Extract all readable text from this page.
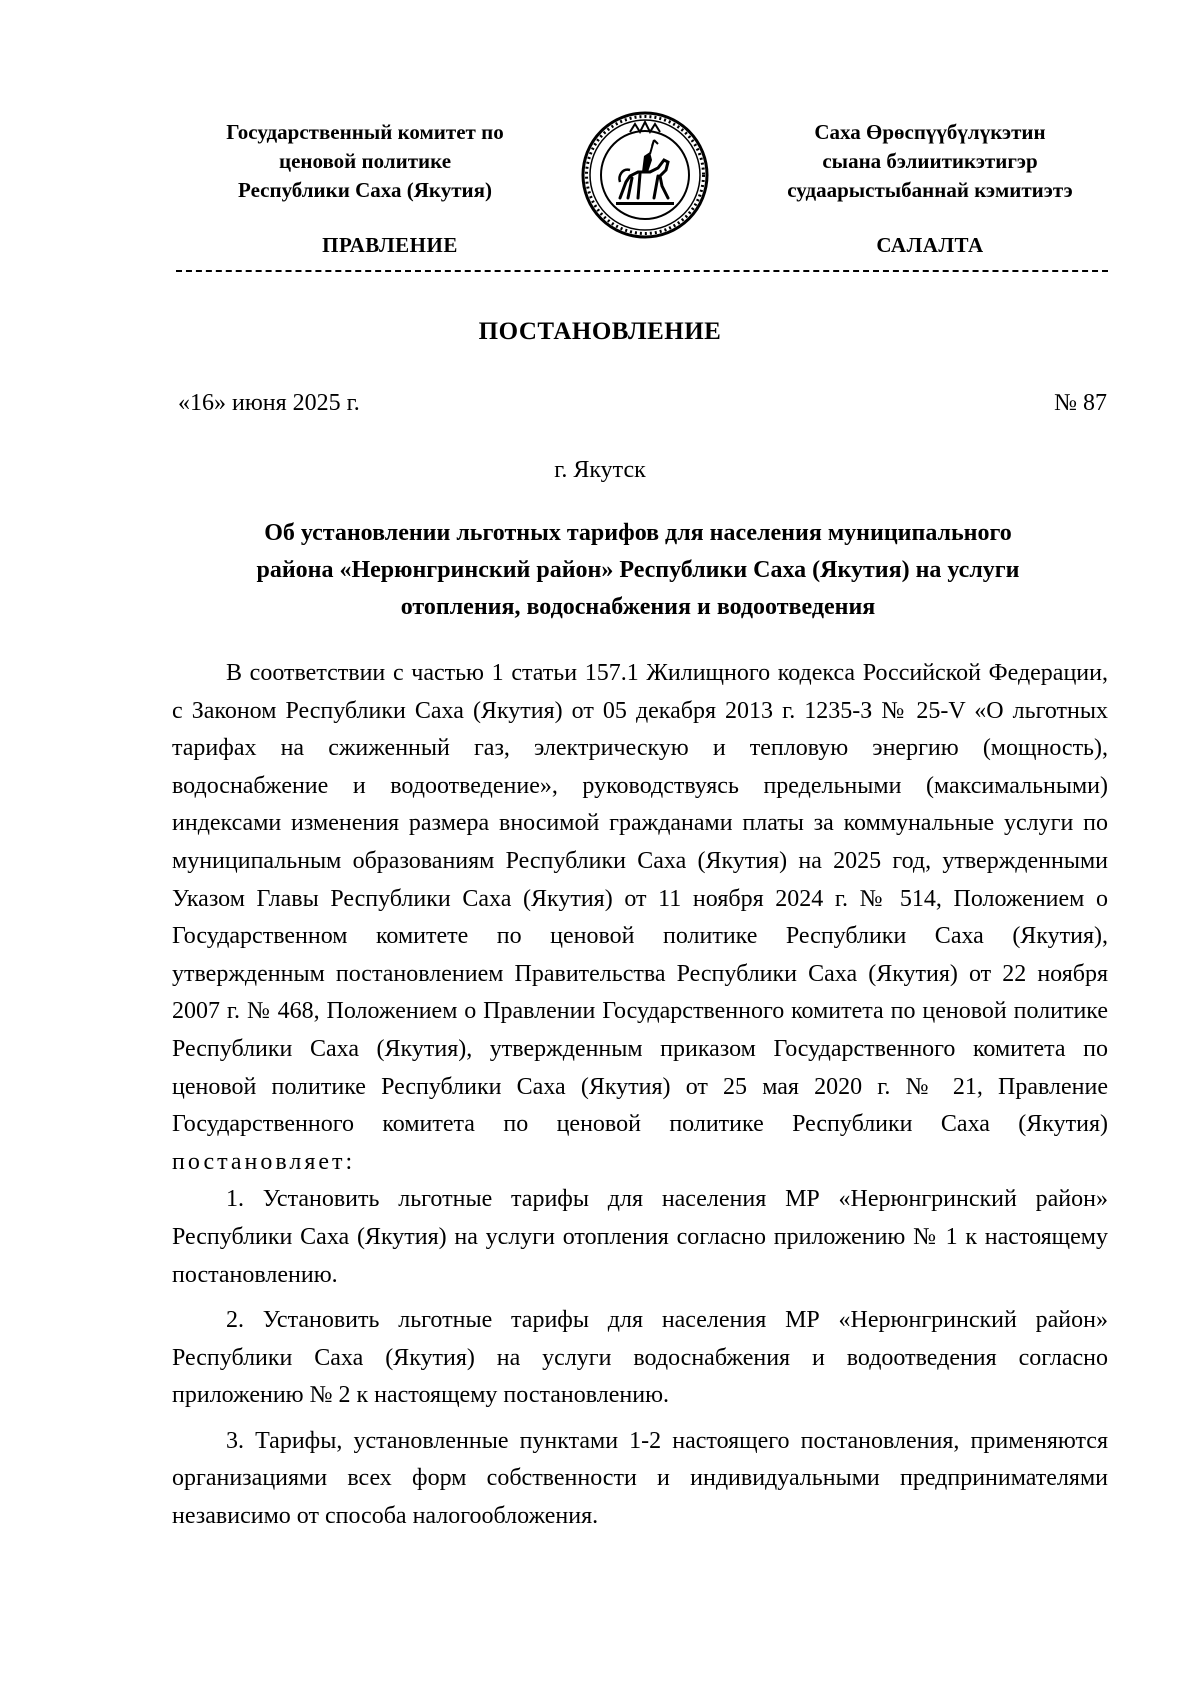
Государственный комитет по
ценовой политике
Республики Саха (Якутия)
Саха Өрөспүүбүлүкэтин
сыана бэлиитикэтигэр
судаарыстыбаннай кэмитиэтэ
ПРАВЛЕНИЕ	САЛАЛТА
ПОСТАНОВЛЕНИЕ
«16» июня 2025 г.	№ 87
г. Якутск
Об установлении льготных тарифов для населения муниципального
района «Нерюнгринский район» Республики Саха (Якутия) на услуги
отопления, водоснабжения и водоотведения

В соответствии с частью 1 статьи 157.1 Жилищного кодекса Российской Федерации, с Законом Республики Саха (Якутия) от 05 декабря 2013 г. 1235-З № 25-V «О льготных тарифах на сжиженный газ, электрическую и тепловую энергию (мощность), водоснабжение и водоотведение», руководствуясь предельными (максимальными) индексами изменения размера вносимой гражданами платы за коммунальные услуги по муниципальным образованиям Республики Саха (Якутия) на 2025 год, утвержденными Указом Главы Республики Саха (Якутия) от 11 ноября 2024 г. № 514, Положением о Государственном комитете по ценовой политике Республики Саха (Якутия), утвержденным постановлением Правительства Республики Саха (Якутия) от 22 ноября 2007 г. № 468, Положением о Правлении Государственного комитета по ценовой политике Республики Саха (Якутия), утвержденным приказом Государственного комитета по ценовой политике Республики Саха (Якутия) от 25 мая 2020 г. № 21, Правление Государственного комитета по ценовой политике Республики Саха (Якутия) постановляет:

1. Установить льготные тарифы для населения МР «Нерюнгринский район» Республики Саха (Якутия) на услуги отопления согласно приложению № 1 к настоящему постановлению.

2. Установить льготные тарифы для населения МР «Нерюнгринский район» Республики Саха (Якутия) на услуги водоснабжения и водоотведения согласно приложению № 2 к настоящему постановлению.

3. Тарифы, установленные пунктами 1-2 настоящего постановления, применяются организациями всех форм собственности и индивидуальными предпринимателями независимо от способа налогообложения.
